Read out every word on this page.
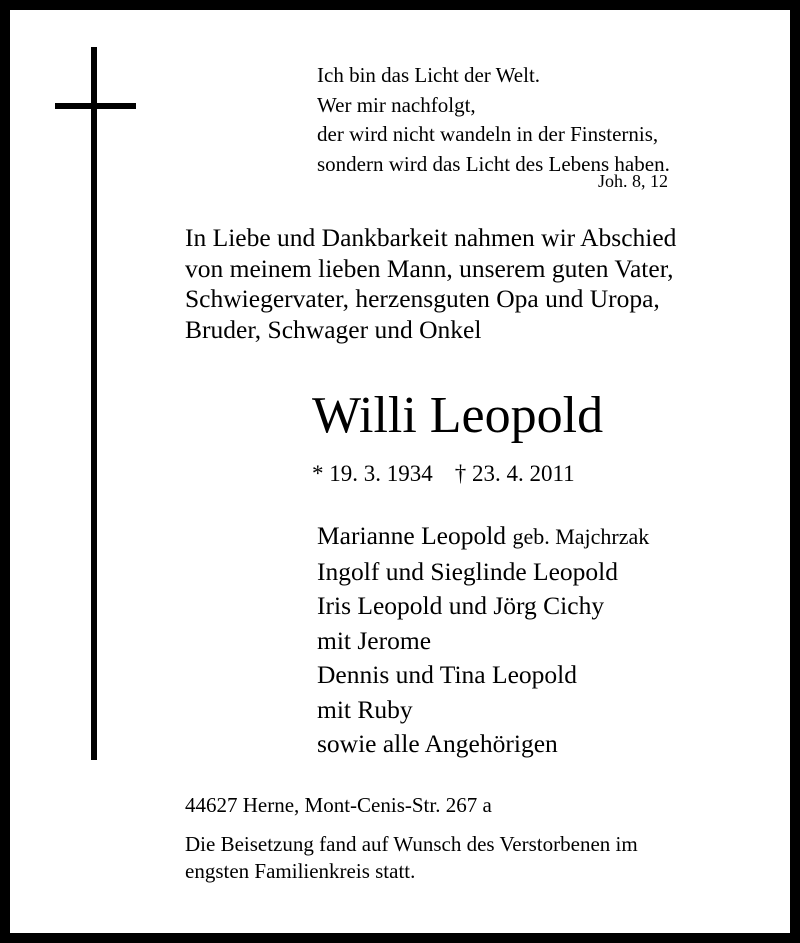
Ich bin das Licht der Welt.
Wer mir nachfolgt,
der wird nicht wandeln in der Finsternis,
sondern wird das Licht des Lebens haben.
Joh. 8, 12
In Liebe und Dankbarkeit nahmen wir Abschied
von meinem lieben Mann, unserem guten Vater,
Schwiegervater, herzensguten Opa und Uropa,
Bruder, Schwager und Onkel
Willi Leopold
* 19. 3. 1934 † 23. 4. 2011
Marianne Leopold geb. Majchrzak
Ingolf und Sieglinde Leopold
Iris Leopold und Jörg Cichy
mit Jerome
Dennis und Tina Leopold
mit Ruby
sowie alle Angehörigen
44627 Herne, Mont-Cenis-Str. 267 a
Die Beisetzung fand auf Wunsch des Verstorbenen im
engsten Familienkreis statt.
